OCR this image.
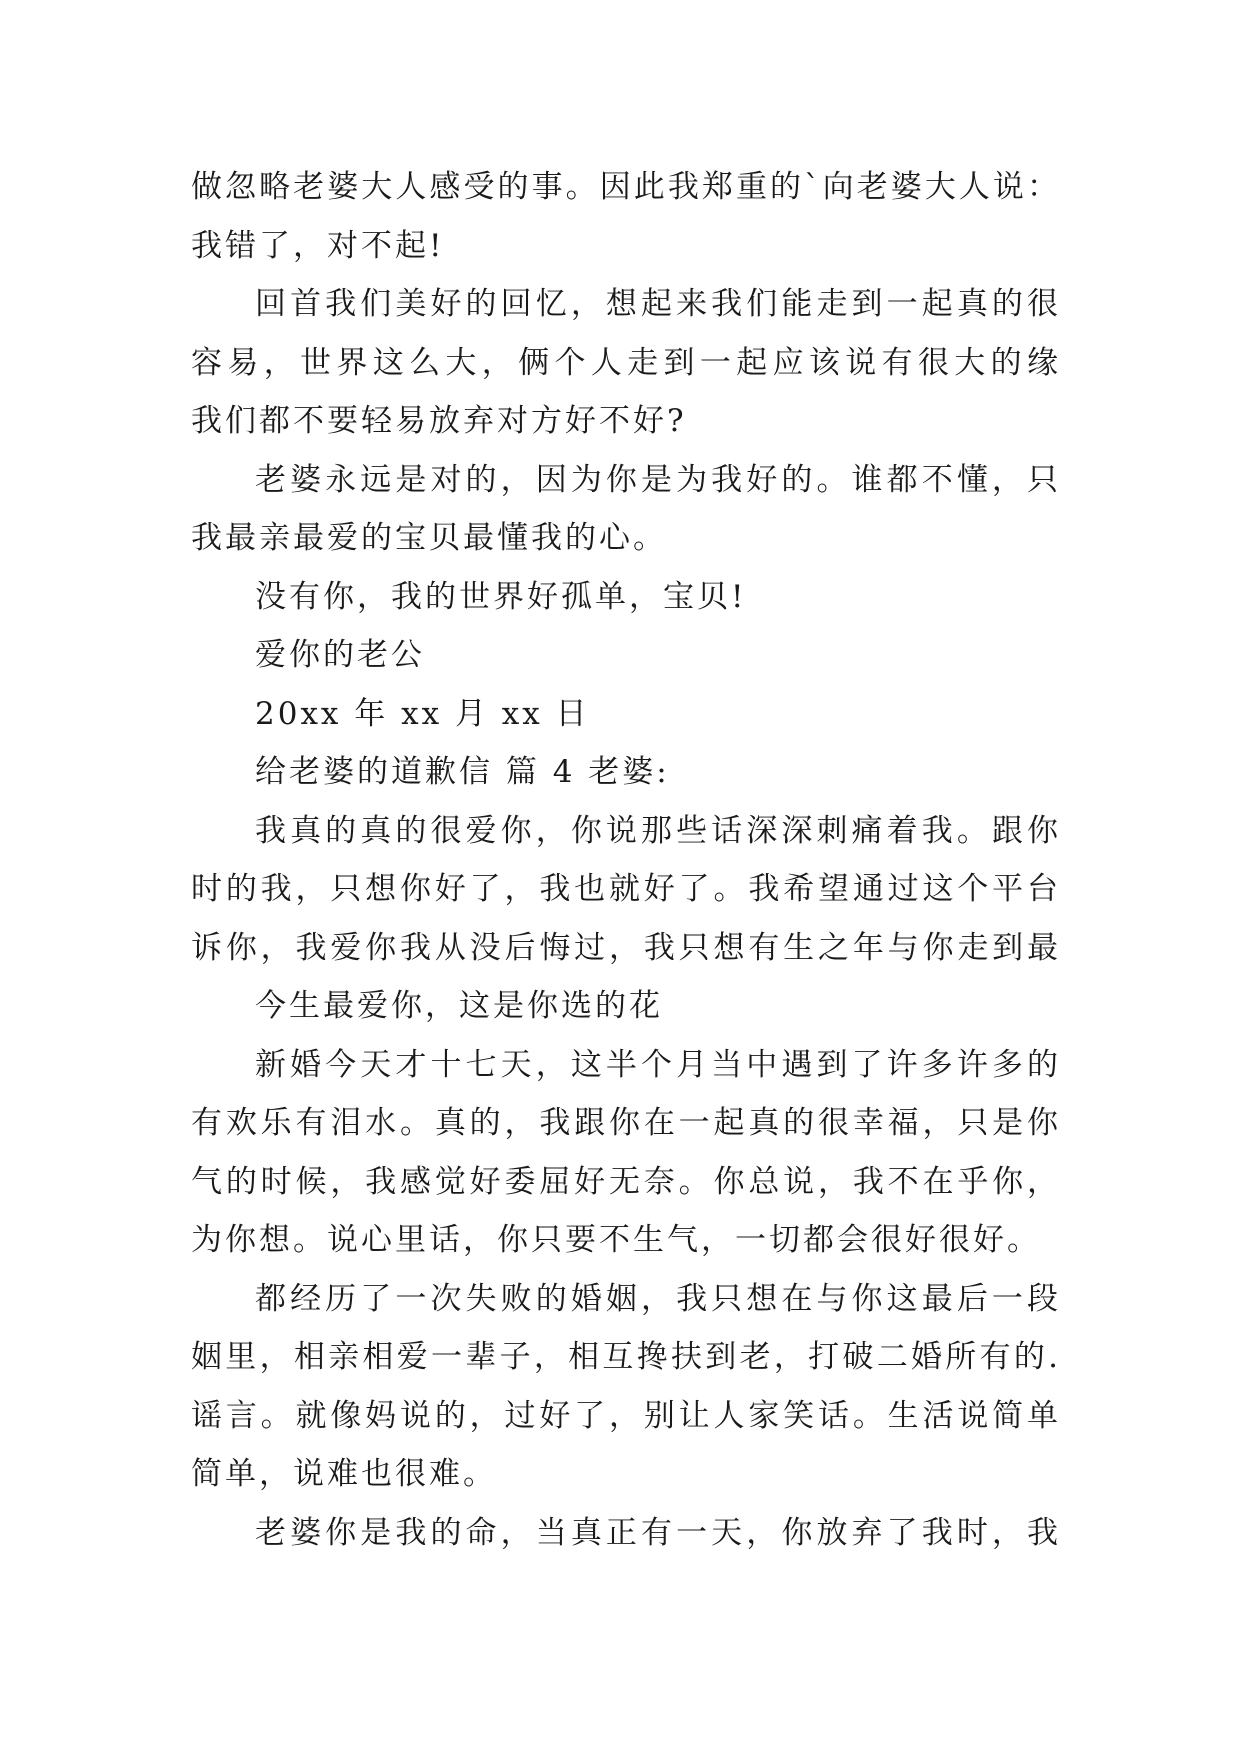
做忽略老婆大人感受的事。因此我郑重的`向老婆大人说：
我错了，对不起!
回首我们美好的回忆，想起来我们能走到一起真的很
容易，世界这么大，俩个人走到一起应该说有很大的缘
我们都不要轻易放弃对方好不好?
老婆永远是对的，因为你是为我好的。谁都不懂，只
我最亲最爱的宝贝最懂我的心。
没有你，我的世界好孤单，宝贝!
爱你的老公
20xx 年 xx 月 xx 日
给老婆的道歉信 篇 4 老婆:
我真的真的很爱你，你说那些话深深刺痛着我。跟你
时的我，只想你好了，我也就好了。我希望通过这个平台
诉你，我爱你我从没后悔过，我只想有生之年与你走到最
今生最爱你，这是你选的花
新婚今天才十七天，这半个月当中遇到了许多许多的
有欢乐有泪水。真的，我跟你在一起真的很幸福，只是你
气的时候，我感觉好委屈好无奈。你总说，我不在乎你，
为你想。说心里话，你只要不生气，一切都会很好很好。
都经历了一次失败的婚姻，我只想在与你这最后一段
姻里，相亲相爱一辈子，相互搀扶到老，打破二婚所有的.
谣言。就像妈说的，过好了，别让人家笑话。生活说简单
简单，说难也很难。
老婆你是我的命，当真正有一天，你放弃了我时，我
